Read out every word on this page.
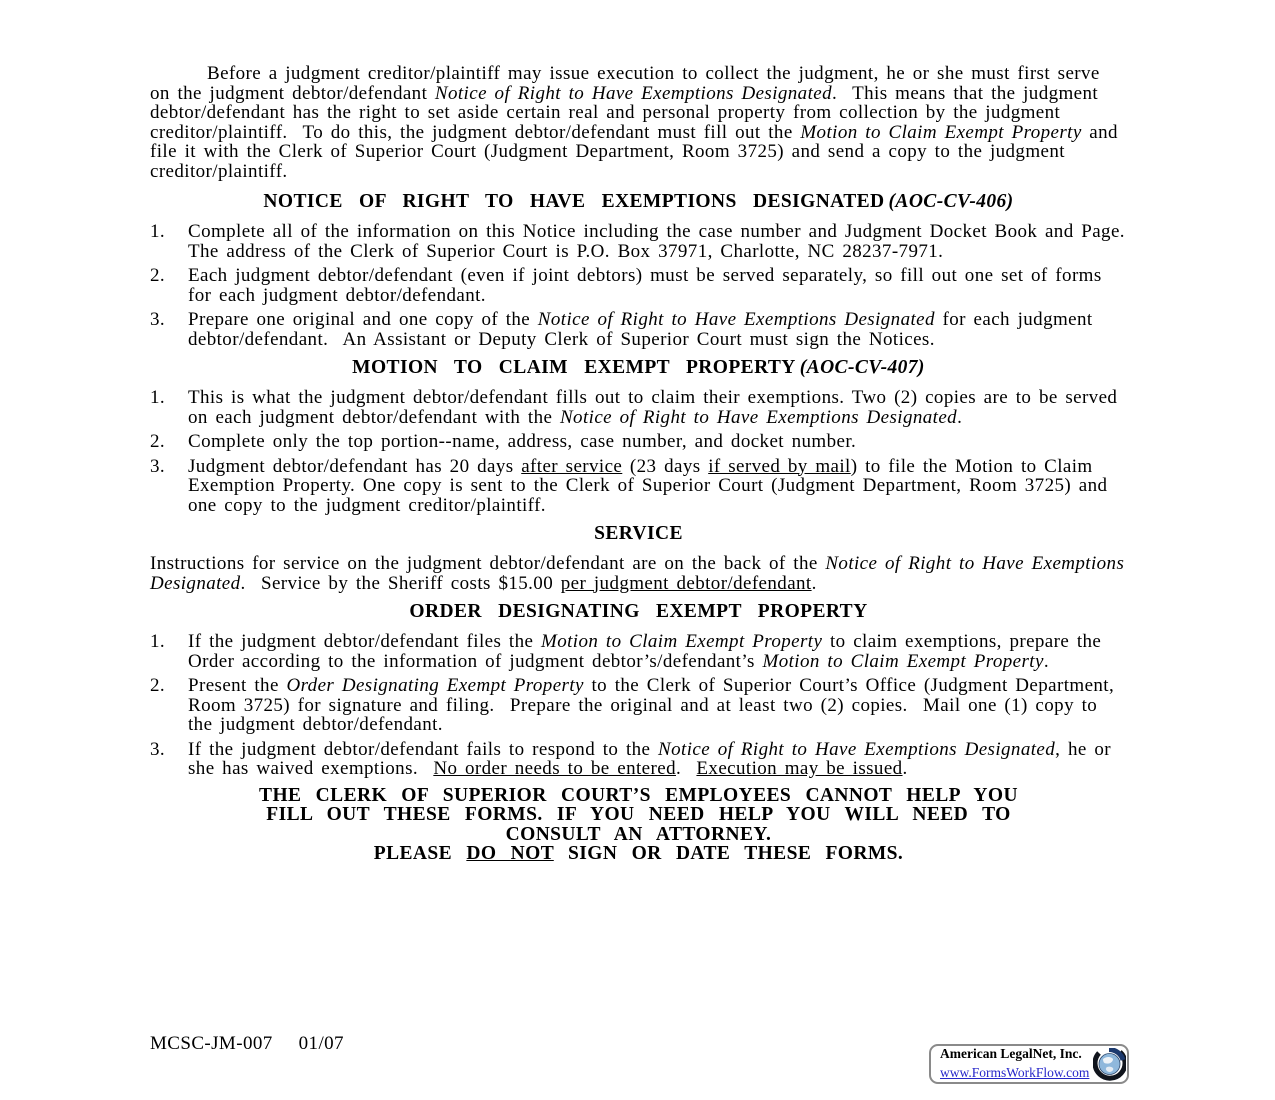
Before a judgment creditor/plaintiff may issue execution to collect the judgment, he or she must first serve on the judgment debtor/defendant Notice of Right to Have Exemptions Designated.  This means that the judgment debtor/defendant has the right to set aside certain real and personal property from collection by the judgment creditor/plaintiff.  To do this, the judgment debtor/defendant must fill out the Motion to Claim Exempt Property and file it with the Clerk of Superior Court (Judgment Department, Room 3725) and send a copy to the judgment creditor/plaintiff.

NOTICE OF RIGHT TO HAVE EXEMPTIONS DESIGNATED (AOC-CV-406)
1.	Complete all of the information on this Notice including the case number and Judgment Docket Book and Page. The address of the Clerk of Superior Court is P.O. Box 37971, Charlotte, NC 28237-7971.
2.	Each judgment debtor/defendant (even if joint debtors) must be served separately, so fill out one set of forms for each judgment debtor/defendant.
3.	Prepare one original and one copy of the Notice of Right to Have Exemptions Designated for each judgment debtor/defendant.  An Assistant or Deputy Clerk of Superior Court must sign the Notices.
MOTION TO CLAIM EXEMPT PROPERTY (AOC-CV-407)
1.	This is what the judgment debtor/defendant fills out to claim their exemptions. Two (2) copies are to be served on each judgment debtor/defendant with the Notice of Right to Have Exemptions Designated.
2.	Complete only the top portion--name, address, case number, and docket number.
3.	Judgment debtor/defendant has 20 days after service (23 days if served by mail) to file the Motion to Claim Exemption Property. One copy is sent to the Clerk of Superior Court (Judgment Department, Room 3725) and one copy to the judgment creditor/plaintiff.
SERVICE

Instructions for service on the judgment debtor/defendant are on the back of the Notice of Right to Have Exemptions Designated.  Service by the Sheriff costs $15.00 per judgment debtor/defendant.

ORDER DESIGNATING EXEMPT PROPERTY
1.	If the judgment debtor/defendant files the Motion to Claim Exempt Property to claim exemptions, prepare the Order according to the information of judgment debtor’s/defendant’s Motion to Claim Exempt Property.
2.	Present the Order Designating Exempt Property to the Clerk of Superior Court’s Office (Judgment Department, Room 3725) for signature and filing.  Prepare the original and at least two (2) copies.  Mail one (1) copy to the judgment debtor/defendant.
3.	If the judgment debtor/defendant fails to respond to the Notice of Right to Have Exemptions Designated, he or she has waived exemptions.  No order needs to be entered.  Execution may be issued.
THE CLERK OF SUPERIOR COURT’S EMPLOYEES CANNOT HELP YOU
FILL OUT THESE FORMS. IF YOU NEED HELP YOU WILL NEED TO
CONSULT AN ATTORNEY.
PLEASE DO NOT SIGN OR DATE THESE FORMS.
MCSC-JM-007 01/07	American LegalNet, Inc.
www.FormsWorkFlow.com
